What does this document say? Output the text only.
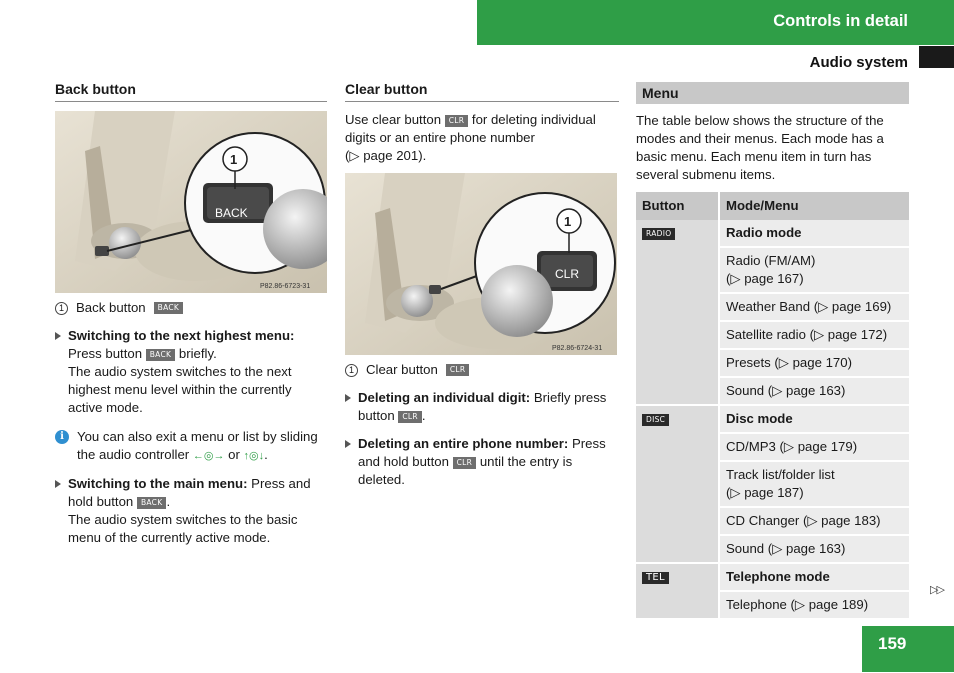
Controls in detail
Audio system
Back button
BACK
1
P82.86-6723-31
1 Back button	BACK
Switching to the next highest menu:
Press button BACK briefly.
The audio system switches to the next highest menu level within the currently active mode.
i You can also exit a menu or list by sliding the audio controller ←◎→ or ↑◎↓.
Switching to the main menu: Press and hold button BACK .
The audio system switches to the basic menu of the currently active mode.
Clear button
Use clear button CLR for deleting individual digits or an entire phone number
(▷ page 201).
CLR
1
P82.86-6724-31
1 Clear button	CLR
Deleting an individual digit: Briefly press button CLR .
Deleting an entire phone number: Press and hold button CLR until the entry is deleted.
Menu
The table below shows the structure of the modes and their menus. Each mode has a basic menu. Each menu item in turn has several submenu items.
Button	Mode/Menu
RADIO	Radio mode
	Radio (FM/AM)
(▷ page 167)
	Weather Band (▷ page 169)
	Satellite radio (▷ page 172)
	Presets (▷ page 170)
	Sound (▷ page 163)
DISC	Disc mode
	CD/MP3 (▷ page 179)
	Track list/folder list
(▷ page 187)
	CD Changer (▷ page 183)
	Sound (▷ page 163)
TEL	Telephone mode
	Telephone (▷ page 189)
▷▷
159
